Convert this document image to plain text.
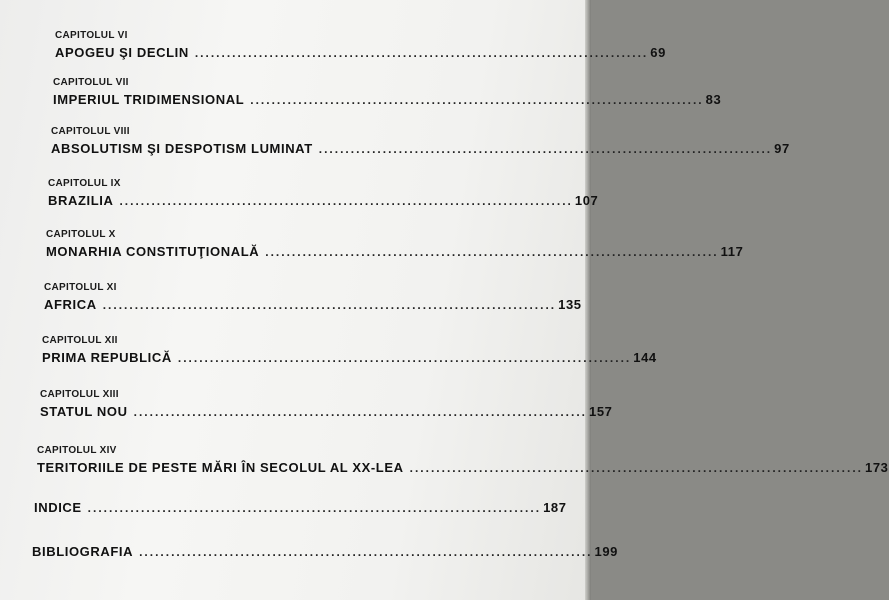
CAPITOLUL VI
APOGEU ŞI DECLIN ..................................................................................... 69
CAPITOLUL VII
IMPERIUL TRIDIMENSIONAL ..................................................................................... 83
CAPITOLUL VIII
ABSOLUTISM ŞI DESPOTISM LUMINAT ..................................................................................... 97
CAPITOLUL IX
BRAZILIA ..................................................................................... 107
CAPITOLUL X
MONARHIA CONSTITUŢIONALĂ ..................................................................................... 117
CAPITOLUL XI
AFRICA ..................................................................................... 135
CAPITOLUL XII
PRIMA REPUBLICĂ ..................................................................................... 144
CAPITOLUL XIII
STATUL NOU ..................................................................................... 157
CAPITOLUL XIV
TERITORIILE DE PESTE MĂRI ÎN SECOLUL AL XX-LEA ..................................................................................... 173
INDICE ..................................................................................... 187
BIBLIOGRAFIA ..................................................................................... 199
